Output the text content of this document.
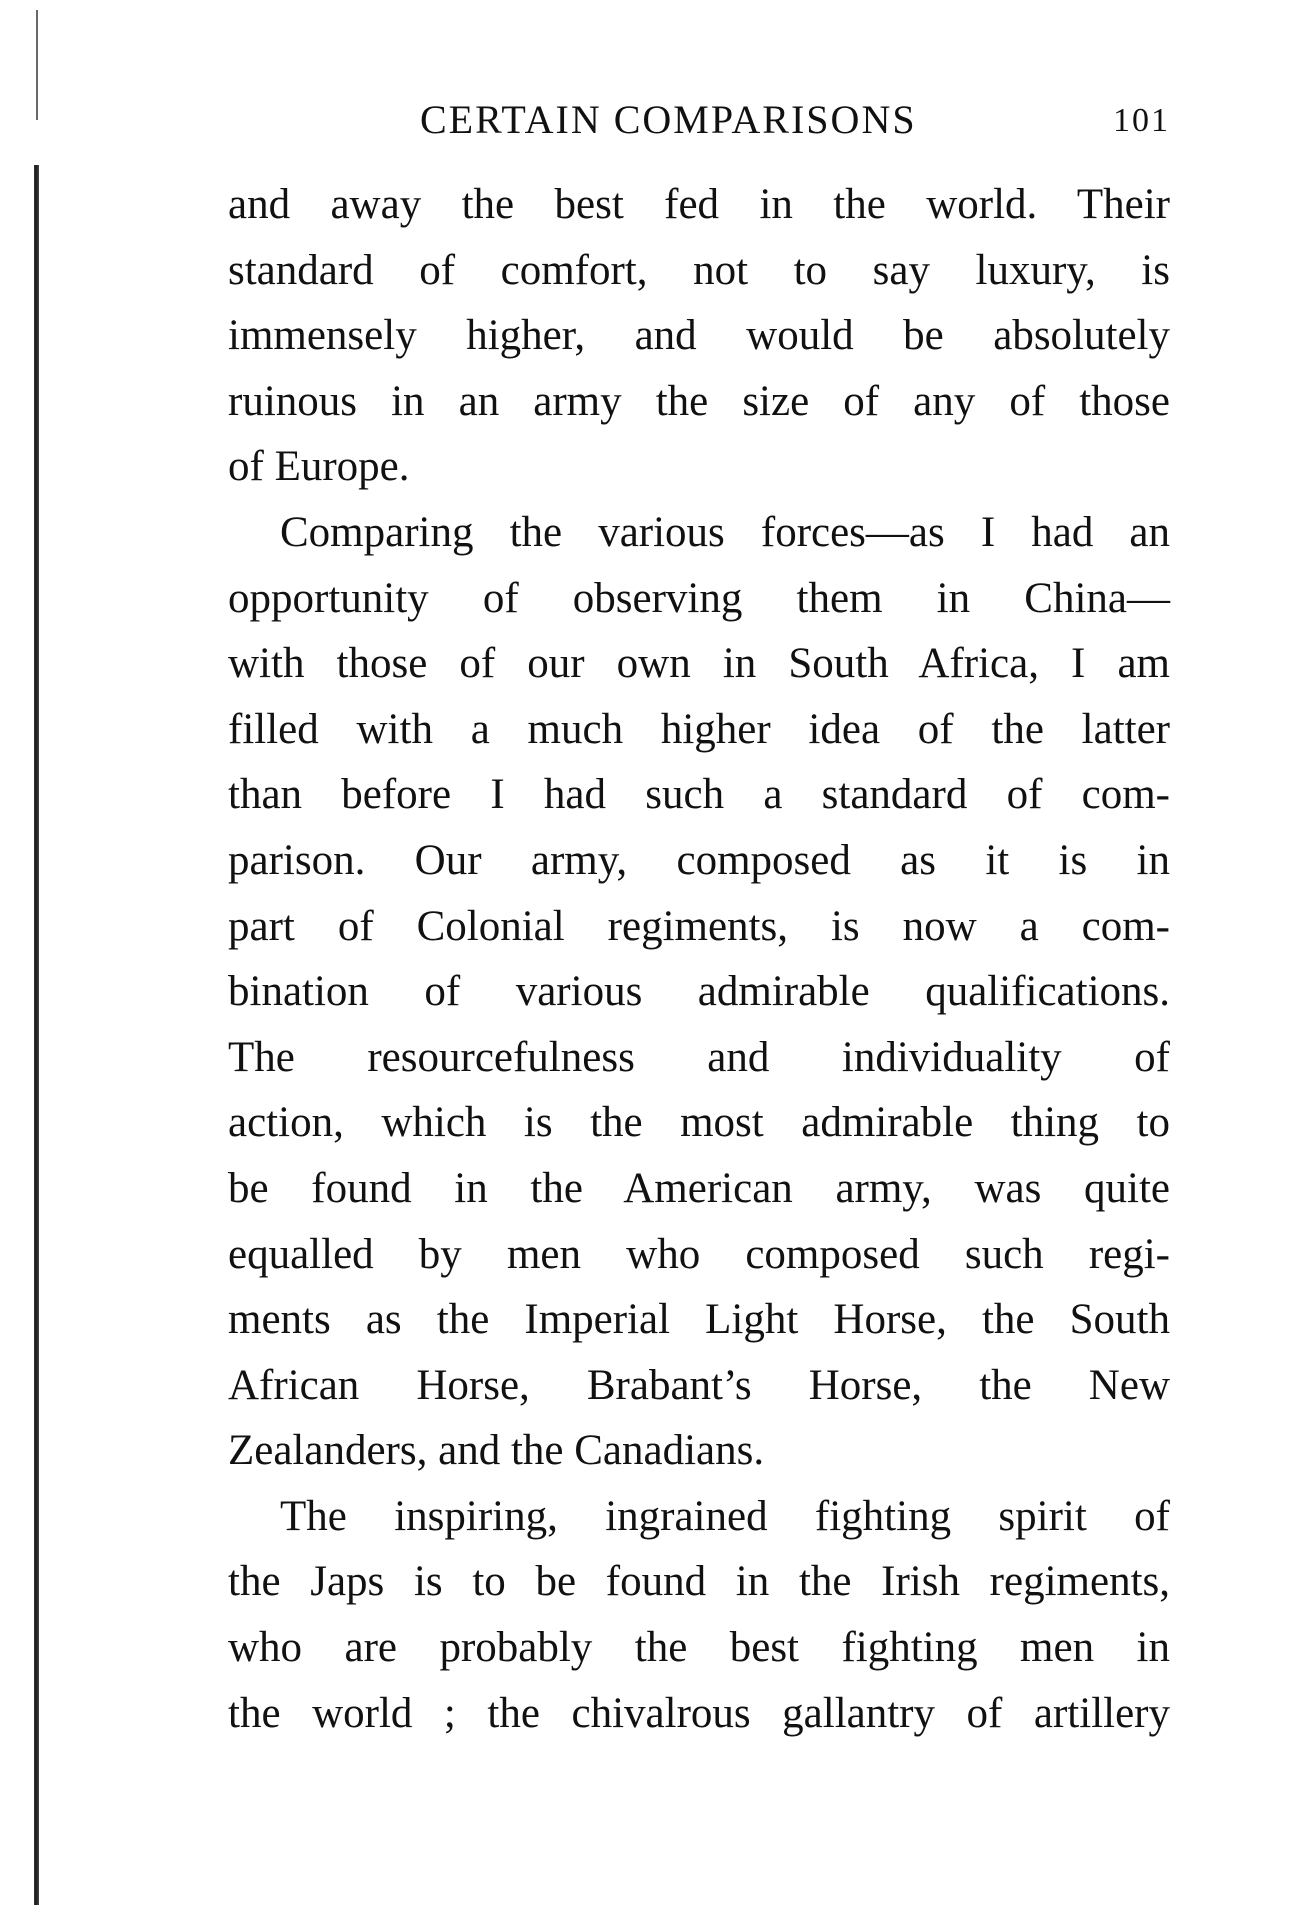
CERTAIN COMPARISONS	101
and away the best fed in the world. Their
standard of comfort, not to say luxury, is
immensely higher, and would be absolutely
ruinous in an army the size of any of those
of Europe.
Comparing the various forces—as I had an
opportunity of observing them in China—
with those of our own in South Africa, I am
filled with a much higher idea of the latter
than before I had such a standard of com-
parison. Our army, composed as it is in
part of Colonial regiments, is now a com-
bination of various admirable qualifications.
The resourcefulness and individuality of
action, which is the most admirable thing to
be found in the American army, was quite
equalled by men who composed such regi-
ments as the Imperial Light Horse, the South
African Horse, Brabant’s Horse, the New
Zealanders, and the Canadians.
The inspiring, ingrained fighting spirit of
the Japs is to be found in the Irish regiments,
who are probably the best fighting men in
the world ; the chivalrous gallantry of artillery
